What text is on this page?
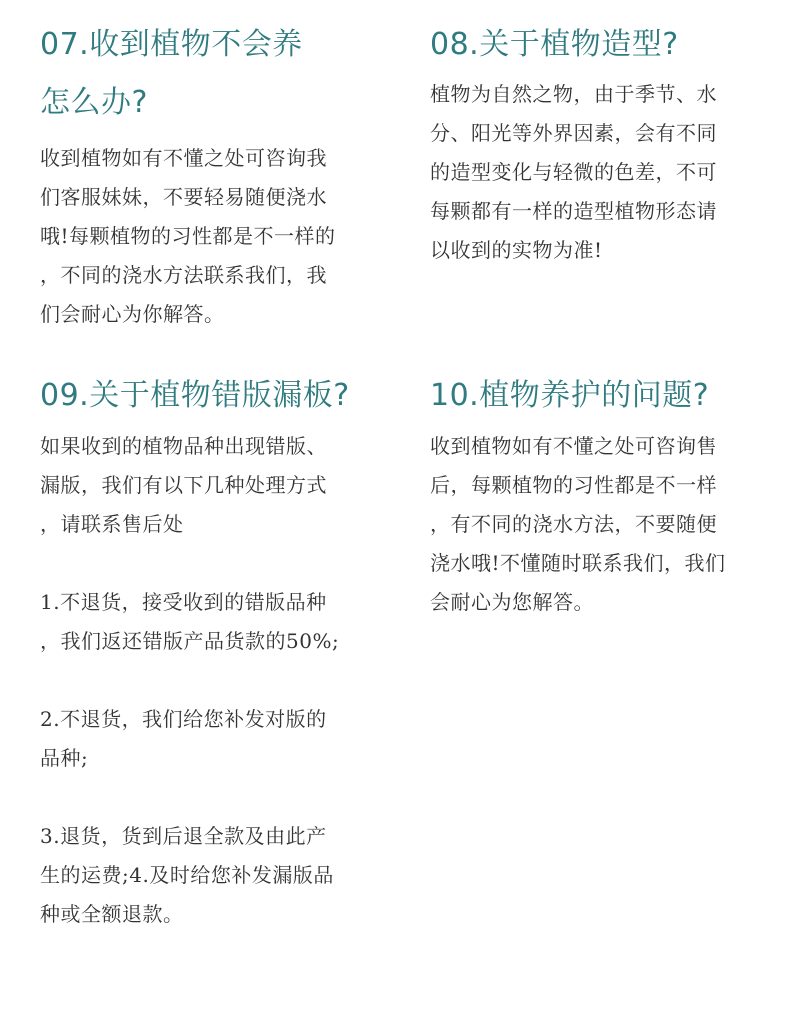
07.收到植物不会养
怎么办?

收到植物如有不懂之处可咨询我

们客服妹妹，不要轻易随便浇水

哦!每颗植物的习性都是不一样的

，不同的浇水方法联系我们，我

们会耐心为你解答。

08.关于植物造型?

植物为自然之物，由于季节、水

分、阳光等外界因素，会有不同

的造型变化与轻微的色差，不可

每颗都有一样的造型植物形态请

以收到的实物为准!

09.关于植物错版漏板?

如果收到的植物品种出现错版、

漏版，我们有以下几种处理方式

，请联系售后处

1.不退货，接受收到的错版品种

，我们返还错版产品货款的50%;

2.不退货，我们给您补发对版的

品种;

3.退货，货到后退全款及由此产

生的运费;4.及时给您补发漏版品

种或全额退款。

10.植物养护的问题?

收到植物如有不懂之处可咨询售

后，每颗植物的习性都是不一样

，有不同的浇水方法，不要随便

浇水哦!不懂随时联系我们，我们

会耐心为您解答。
